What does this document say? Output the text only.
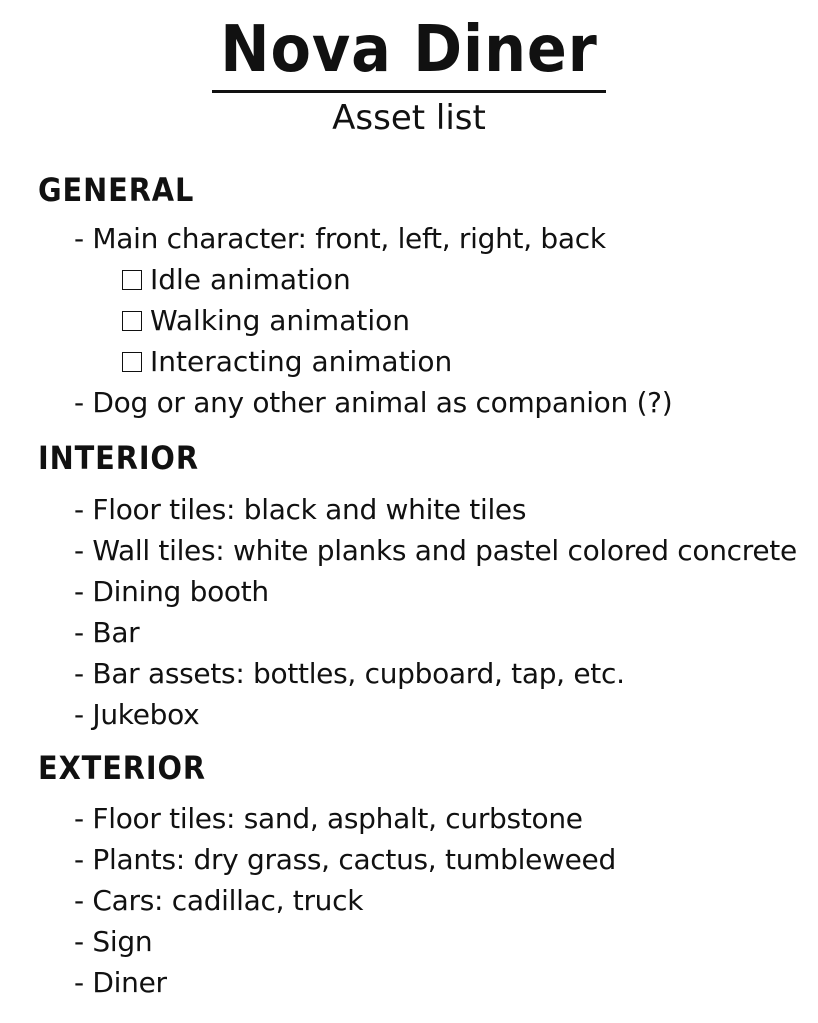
Nova Diner
Asset list
GENERAL
- Main character: front, left, right, back
Idle animation
Walking animation
Interacting animation
- Dog or any other animal as companion (?)
INTERIOR
- Floor tiles: black and white tiles
- Wall tiles: white planks and pastel colored concrete
- Dining booth
- Bar
- Bar assets: bottles, cupboard, tap, etc.
- Jukebox
EXTERIOR
- Floor tiles: sand, asphalt, curbstone
- Plants: dry grass, cactus, tumbleweed
- Cars: cadillac, truck
- Sign
- Diner
